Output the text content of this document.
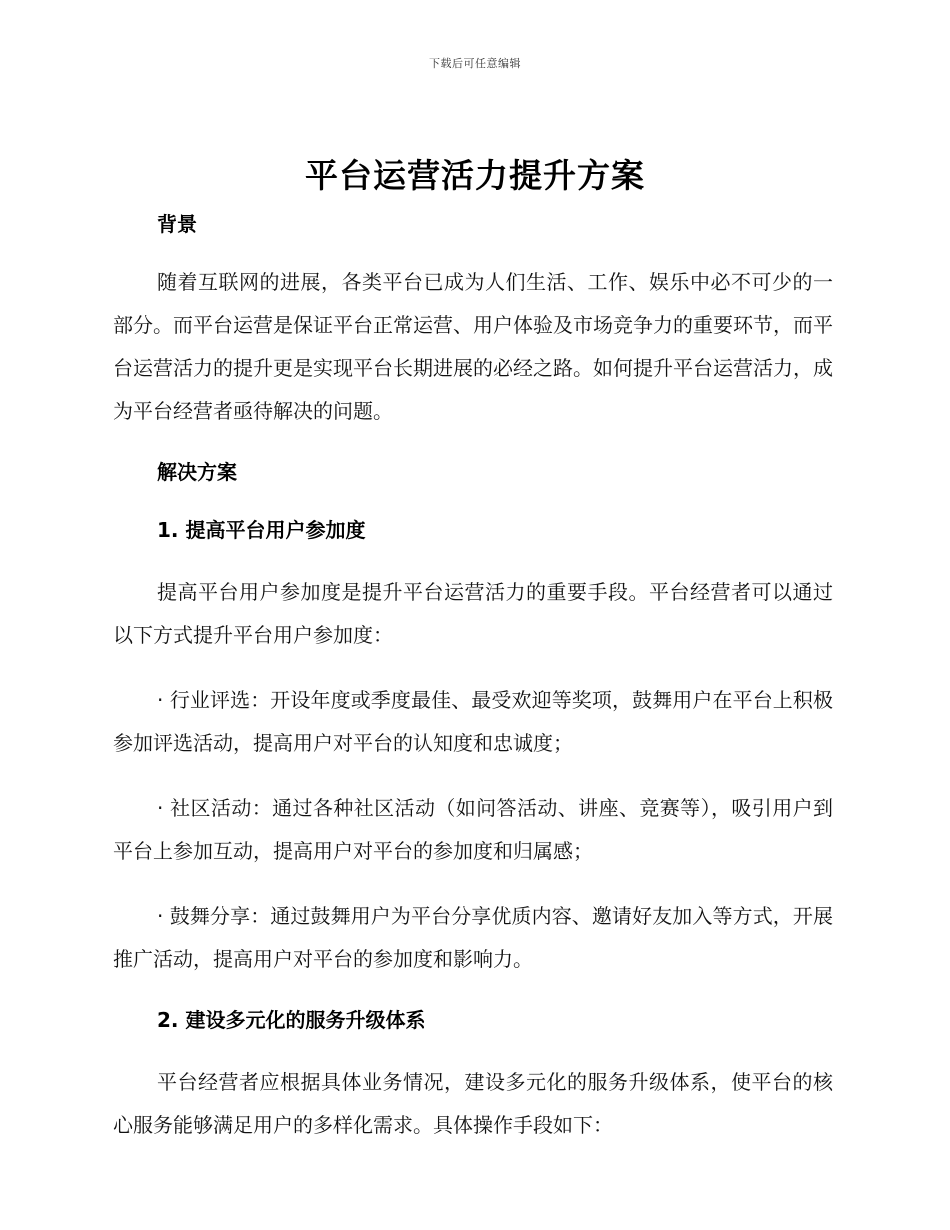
下载后可任意编辑
平台运营活力提升方案
背景

随着互联网的进展，各类平台已成为人们生活、工作、娱乐中必不可少的一部分。而平台运营是保证平台正常运营、用户体验及市场竞争力的重要环节，而平台运营活力的提升更是实现平台长期进展的必经之路。如何提升平台运营活力，成为平台经营者亟待解决的问题。

解决方案
1. 提高平台用户参加度

提高平台用户参加度是提升平台运营活力的重要手段。平台经营者可以通过以下方式提升平台用户参加度：

· 行业评选：开设年度或季度最佳、最受欢迎等奖项，鼓舞用户在平台上积极参加评选活动，提高用户对平台的认知度和忠诚度；

· 社区活动：通过各种社区活动（如问答活动、讲座、竞赛等），吸引用户到平台上参加互动，提高用户对平台的参加度和归属感；

· 鼓舞分享：通过鼓舞用户为平台分享优质内容、邀请好友加入等方式，开展推广活动，提高用户对平台的参加度和影响力。

2. 建设多元化的服务升级体系

平台经营者应根据具体业务情况，建设多元化的服务升级体系，使平台的核心服务能够满足用户的多样化需求。具体操作手段如下：
